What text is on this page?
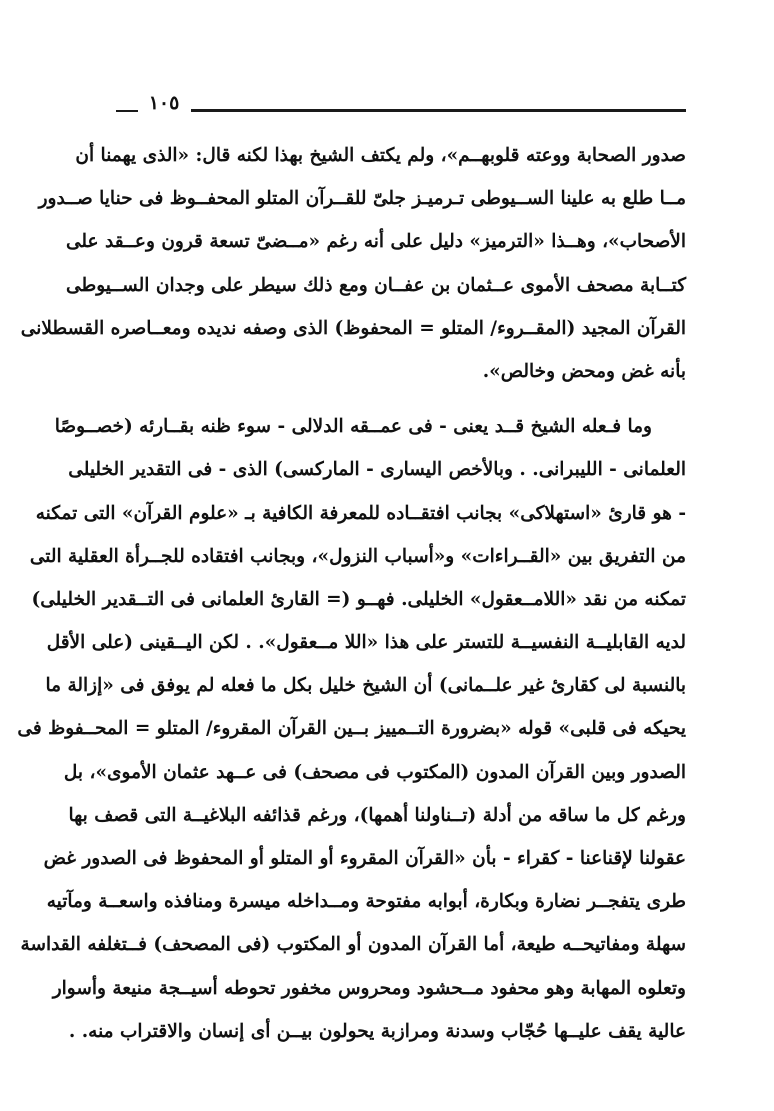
١٠٥
صدور الصحابة ووعته قلوبهــم»، ولم يكتف الشيخ بهذا لكنه قال: «الذى يهمنا أن
مــا طلع به علينا الســيوطى تـرميـز جلىّ للقــرآن المتلو المحفــوظ فى حنايا صــدور
الأصحاب»، وهــذا «الترميز» دليل على أنه رغم «مــضىّ تسعة قرون وعــقد على
كتــابة مصحف الأموى عــثمان بن عفــان ومع ذلك سيطر على وجدان الســيوطى
القرآن المجيد (المقــروء/ المتلو = المحفوظ) الذى وصفه نديده ومعــاصره القسطلانى
بأنه غض ومحض وخالص».
وما فـعله الشيخ قــد يعنى - فى عمــقه الدلالى - سوء ظنه بقــارئه (خصــوصًا
العلمانى - الليبرانى. . وبالأخص اليسارى - الماركسى) الذى - فى التقدير الخليلى
- هو قارئ «استهلاكى» بجانب افتقــاده للمعرفة الكافية بـ «علوم القرآن» التى تمكنه
من التفريق بين «القــراءات» و«أسباب النزول»، وبجانب افتقاده للجــرأة العقلية التى
تمكنه من نقد «اللامــعقول» الخليلى. فهــو (= القارئ العلمانى فى التــقدير الخليلى)
لديه القابليــة النفسيــة للتستر على هذا «اللا مــعقول». . لكن اليــقينى (على الأقل
بالنسبة لى كقارئ غير علــمانى) أن الشيخ خليل بكل ما فعله لم يوفق فى «إزالة ما
يحيكه فى قلبى» قوله «بضرورة التــمييز بــين القرآن المقروء/ المتلو = المحــفوظ فى
الصدور وبين القرآن المدون (المكتوب فى مصحف) فى عــهد عثمان الأموى»، بل
ورغم كل ما ساقه من أدلة (تــناولنا أهمها)، ورغم قذائفه البلاغيــة التى قصف بها
عقولنا لإقناعنا - كقراء - بأن «القرآن المقروء أو المتلو أو المحفوظ فى الصدور غض
طرى يتفجــر نضارة وبكارة، أبوابه مفتوحة ومــداخله ميسرة ومنافذه واسعــة ومآتيه
سهلة ومفاتيحــه طيعة، أما القرآن المدون أو المكتوب (فى المصحف) فــتغلفه القداسة
وتعلوه المهابة وهو محفود مــحشود ومحروس مخفور تحوطه أسيــجة منيعة وأسوار
عالية يقف عليــها حُجّاب وسدنة ومرازبة يحولون بيــن أى إنسان والاقتراب منه. .
